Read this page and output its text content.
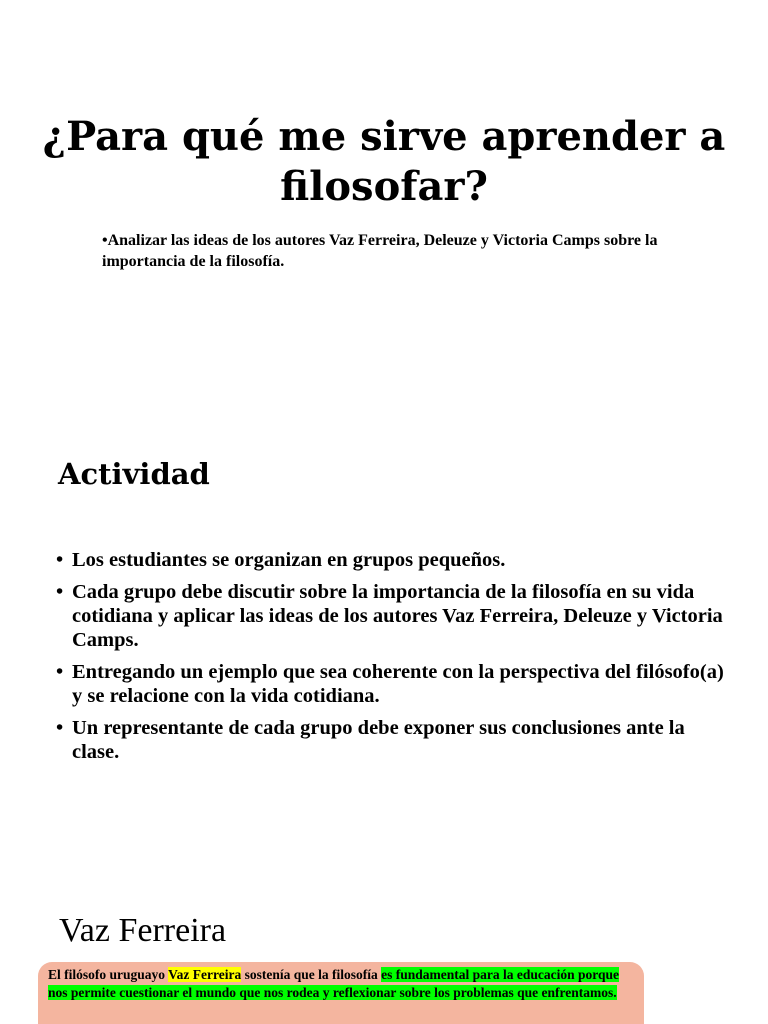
¿Para qué me sirve aprender a filosofar?

•Analizar las ideas de los autores Vaz Ferreira, Deleuze y Victoria Camps sobre la importancia de la filosofía.

Actividad
• Los estudiantes se organizan en grupos pequeños.
• Cada grupo debe discutir sobre la importancia de la filosofía en su vida cotidiana y aplicar las ideas de los autores Vaz Ferreira, Deleuze y Victoria Camps.
• Entregando un ejemplo que sea coherente con la perspectiva del filósofo(a) y se relacione con la vida cotidiana.
• Un representante de cada grupo debe exponer sus conclusiones ante la clase.
Vaz Ferreira

El filósofo uruguayo Vaz Ferreira sostenía que la filosofía es fundamental para la educación porque nos permite cuestionar el mundo que nos rodea y reflexionar sobre los problemas que enfrentamos.
